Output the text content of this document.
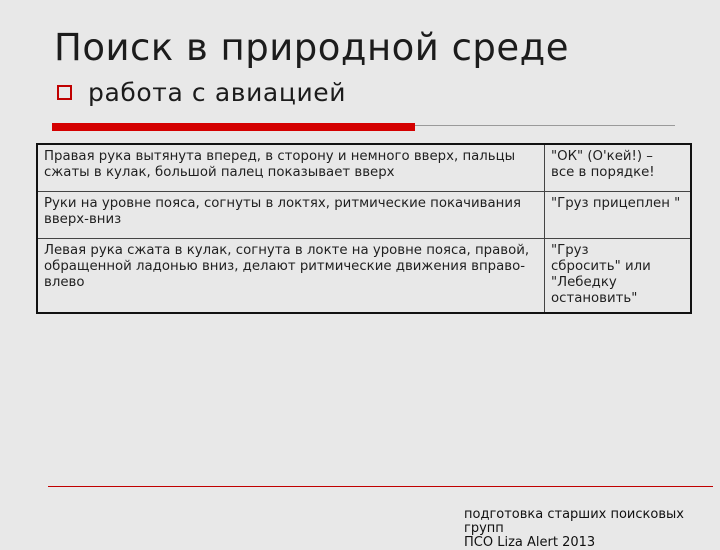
Поиск в природной среде
работа с авиацией
Правая рука вытянута вперед, в сторону и немного вверх, пальцы сжаты в кулак, большой палец показывает вверх	"ОК" (О'кей!) –
все в порядке!
Руки на уровне пояса, согнуты в локтях, ритмические покачивания вверх-вниз	"Груз прицеплен "
Левая рука сжата в кулак, согнута в локте на уровне пояса, правой, обращенной ладонью вниз, делают ритмические движения вправо-влево	"Груз
сбросить" или
"Лебедку
остановить"
подготовка старших поисковых групп
ПСО Liza Alert 2013
